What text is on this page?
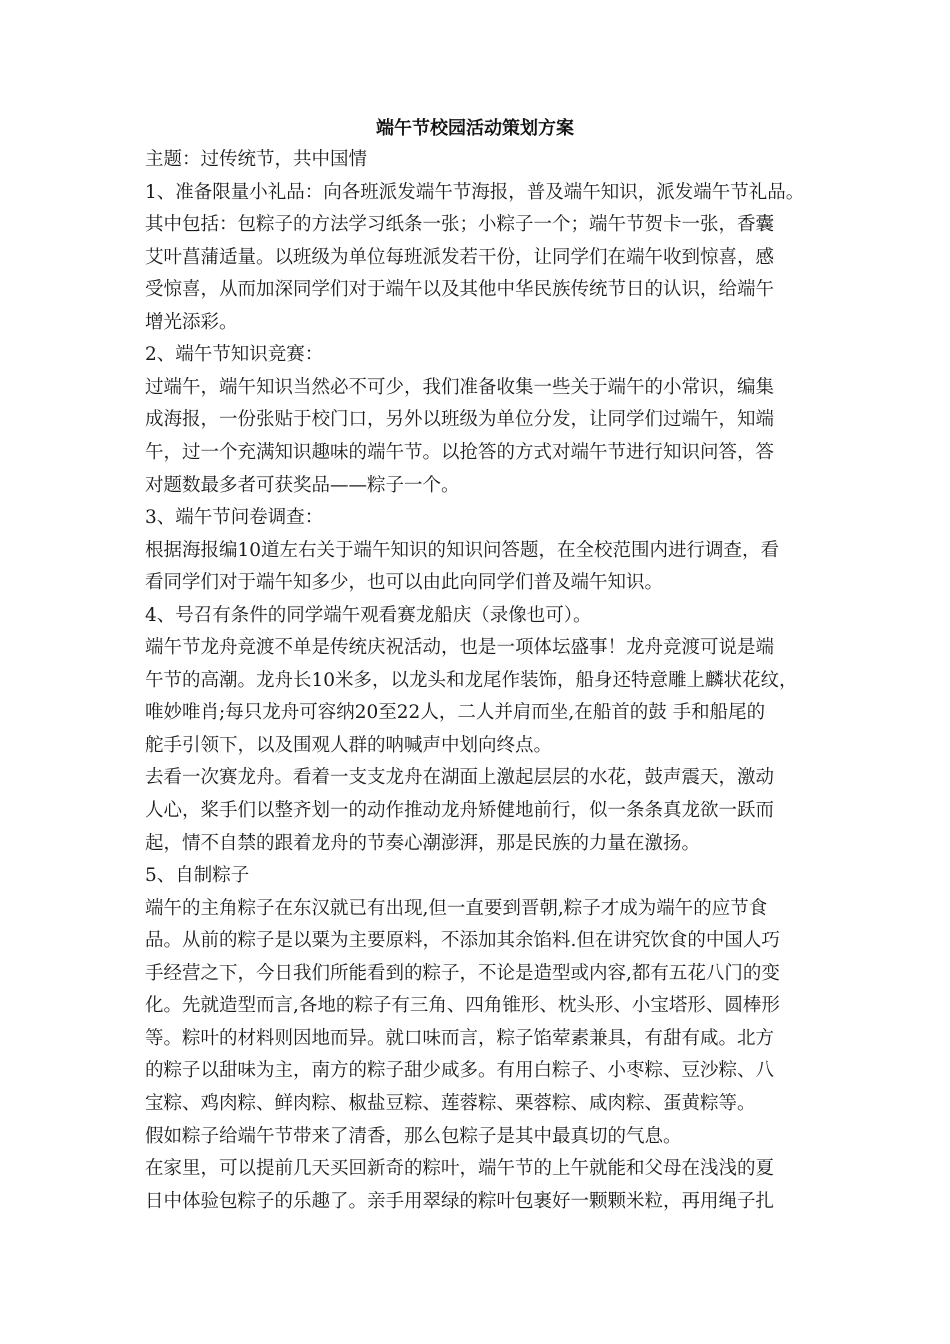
端午节校园活动策划方案
主题：过传统节，共中国情
1、准备限量小礼品：向各班派发端午节海报，普及端午知识，派发端午节礼品。
其中包括：包粽子的方法学习纸条一张；小粽子一个；端午节贺卡一张，香囊
艾叶菖蒲适量。以班级为单位每班派发若干份，让同学们在端午收到惊喜，感
受惊喜，从而加深同学们对于端午以及其他中华民族传统节日的认识，给端午
增光添彩。
2、端午节知识竞赛：
过端午，端午知识当然必不可少，我们准备收集一些关于端午的小常识，编集
成海报，一份张贴于校门口，另外以班级为单位分发，让同学们过端午，知端
午，过一个充满知识趣味的端午节。以抢答的方式对端午节进行知识问答，答
对题数最多者可获奖品——粽子一个。
3、端午节问卷调查：
根据海报编10道左右关于端午知识的知识问答题，在全校范围内进行调查，看
看同学们对于端午知多少，也可以由此向同学们普及端午知识。
4、号召有条件的同学端午观看赛龙船庆（录像也可）。
端午节龙舟竞渡不单是传统庆祝活动，也是一项体坛盛事！龙舟竞渡可说是端
午节的高潮。龙舟长10米多，以龙头和龙尾作装饰，船身还特意雕上麟状花纹，
唯妙唯肖;每只龙舟可容纳20至22人，二人并肩而坐,在船首的鼓 手和船尾的
舵手引领下，以及围观人群的呐喊声中划向终点。
去看一次赛龙舟。看着一支支龙舟在湖面上激起层层的水花，鼓声震天，激动
人心，桨手们以整齐划一的动作推动龙舟矫健地前行，似一条条真龙欲一跃而
起，情不自禁的跟着龙舟的节奏心潮澎湃，那是民族的力量在激扬。
5、自制粽子
端午的主角粽子在东汉就已有出现,但一直要到晋朝,粽子才成为端午的应节食
品。从前的粽子是以粟为主要原料，不添加其余馅料.但在讲究饮食的中国人巧
手经营之下，今日我们所能看到的粽子，不论是造型或内容,都有五花八门的变
化。先就造型而言,各地的粽子有三角、四角锥形、枕头形、小宝塔形、圆棒形
等。粽叶的材料则因地而异。就口味而言，粽子馅荤素兼具，有甜有咸。北方
的粽子以甜味为主，南方的粽子甜少咸多。有用白粽子、小枣粽、豆沙粽、八
宝粽、鸡肉粽、鲜肉粽、椒盐豆粽、莲蓉粽、栗蓉粽、咸肉粽、蛋黄粽等。
假如粽子给端午节带来了清香，那么包粽子是其中最真切的气息。
在家里，可以提前几天买回新奇的粽叶，端午节的上午就能和父母在浅浅的夏
日中体验包粽子的乐趣了。亲手用翠绿的粽叶包裹好一颗颗米粒，再用绳子扎
